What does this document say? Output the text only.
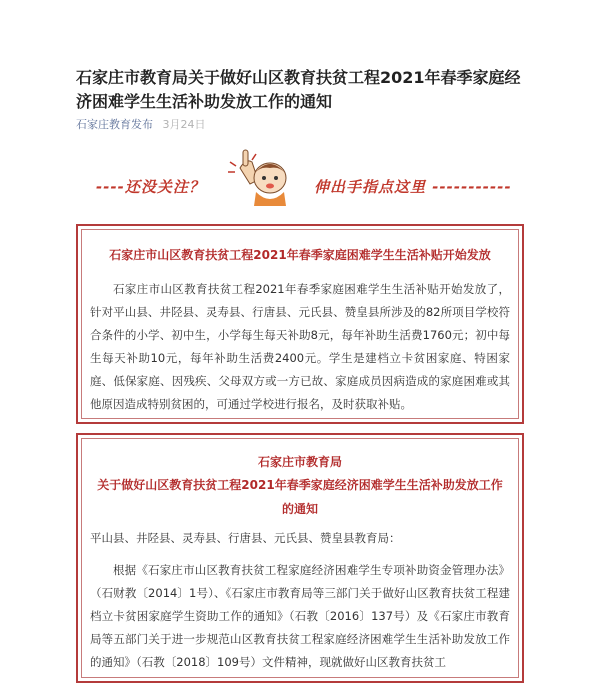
石家庄市教育局关于做好山区教育扶贫工程2021年春季家庭经济困难学生生活补助发放工作的通知
石家庄教育发布 3月24日
----还没关注？	伸出手指点这里 -----------
石家庄市山区教育扶贫工程2021年春季家庭困难学生生活补贴开始发放

石家庄市山区教育扶贫工程2021年春季家庭困难学生生活补贴开始发放了，针对平山县、井陉县、灵寿县、行唐县、元氏县、赞皇县所涉及的82所项目学校符合条件的小学、初中生，小学每生每天补助8元，每年补助生活费1760元；初中每生每天补助10元，每年补助生活费2400元。学生是建档立卡贫困家庭、特困家庭、低保家庭、因残疾、父母双方或一方已故、家庭成员因病造成的家庭困难或其他原因造成特别贫困的，可通过学校进行报名，及时获取补贴。

石家庄市教育局
关于做好山区教育扶贫工程2021年春季家庭经济困难学生生活补助发放工作的通知

平山县、井陉县、灵寿县、行唐县、元氏县、赞皇县教育局：

根据《石家庄市山区教育扶贫工程家庭经济困难学生专项补助资金管理办法》（石财教〔2014〕1号）、《石家庄市教育局等三部门关于做好山区教育扶贫工程建档立卡贫困家庭学生资助工作的通知》（石教〔2016〕137号）及《石家庄市教育局等五部门关于进一步规范山区教育扶贫工程家庭经济困难学生生活补助发放工作的通知》（石教〔2018〕109号）文件精神，现就做好山区教育扶贫工
